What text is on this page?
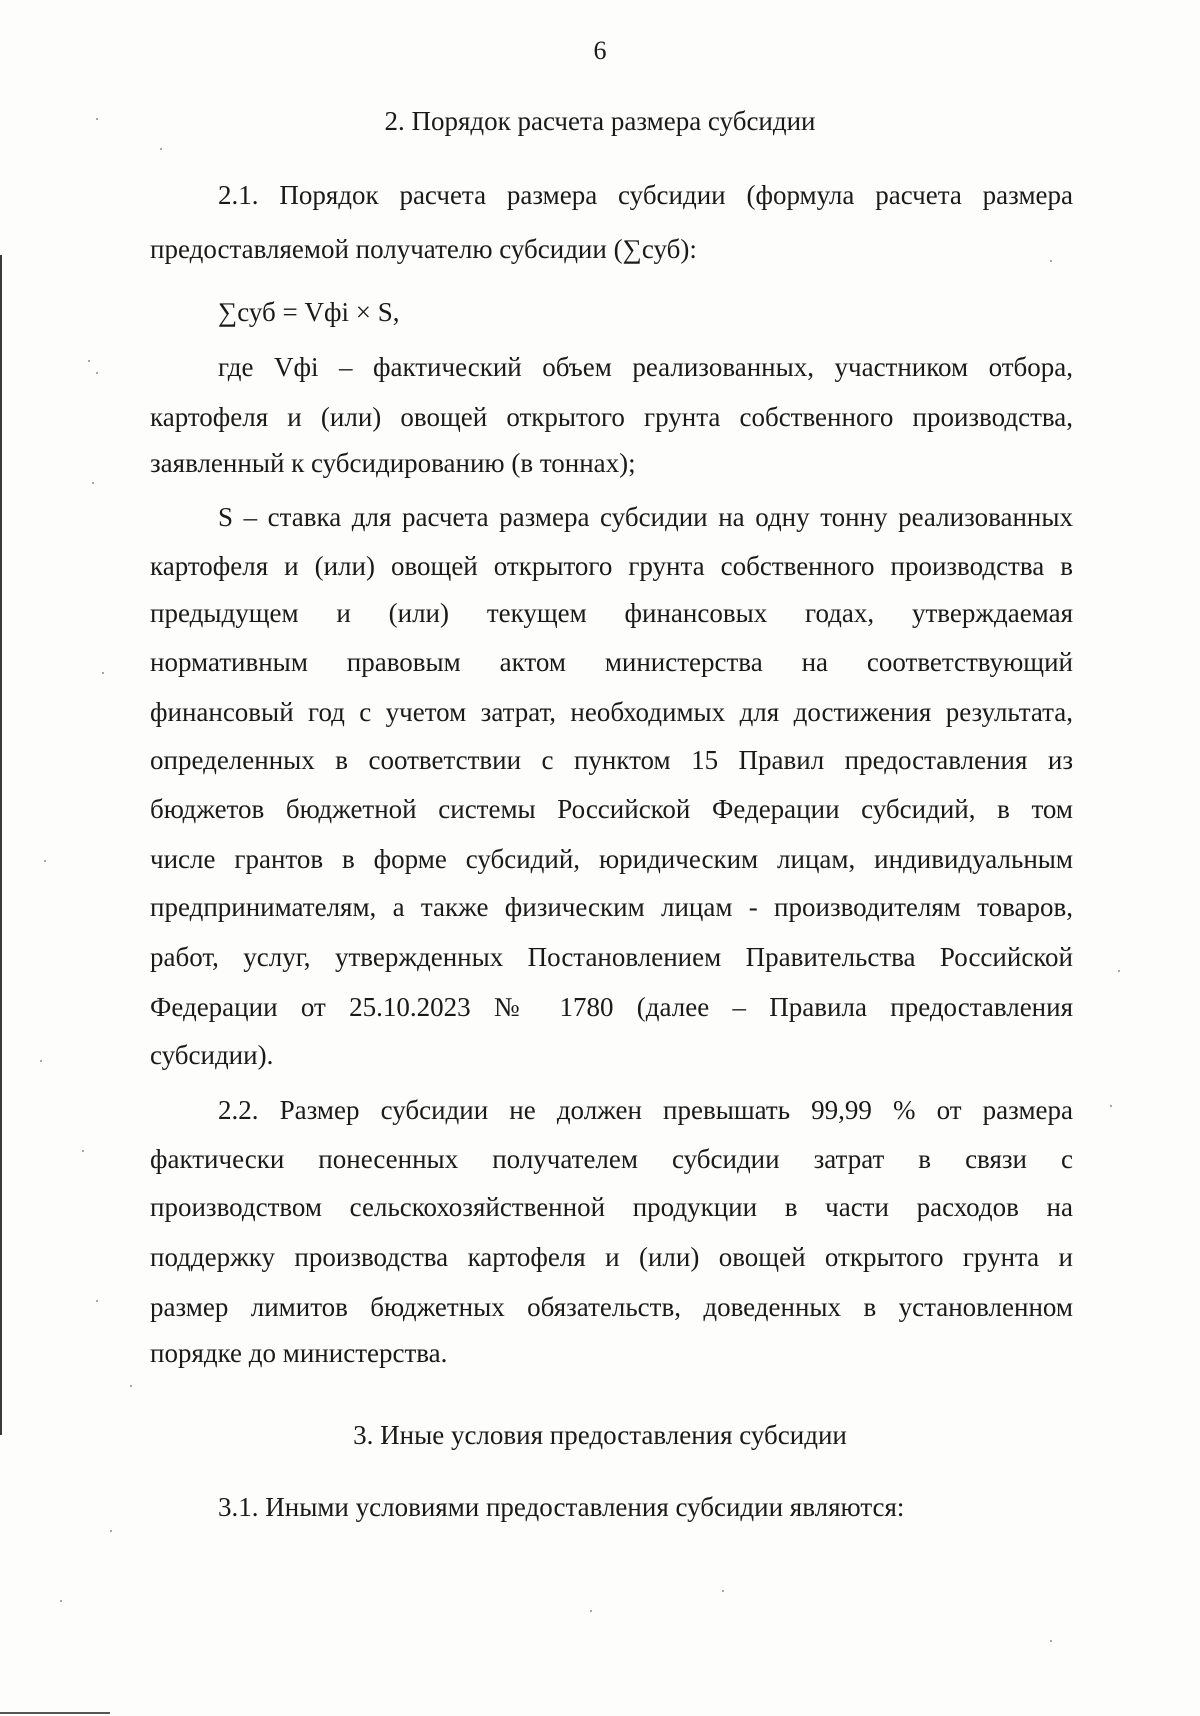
6
2. Порядок расчета размера субсидии
2.1. Порядок расчета размера субсидии (формула расчета размера
предоставляемой получателю субсидии (∑суб):
∑суб = Vфi × S,
где Vфi – фактический объем реализованных, участником отбора,
картофеля и (или) овощей открытого грунта собственного производства,
заявленный к субсидированию (в тоннах);
S – ставка для расчета размера субсидии на одну тонну реализованных
картофеля и (или) овощей открытого грунта собственного производства в
предыдущем и (или) текущем финансовых годах, утверждаемая
нормативным правовым актом министерства на соответствующий
финансовый год с учетом затрат, необходимых для достижения результата,
определенных в соответствии с пунктом 15 Правил предоставления из
бюджетов бюджетной системы Российской Федерации субсидий, в том
числе грантов в форме субсидий, юридическим лицам, индивидуальным
предпринимателям, а также физическим лицам - производителям товаров,
работ, услуг, утвержденных Постановлением Правительства Российской
Федерации от 25.10.2023 № 1780 (далее – Правила предоставления
субсидии).
2.2. Размер субсидии не должен превышать 99,99 % от размера
фактически понесенных получателем субсидии затрат в связи с
производством сельскохозяйственной продукции в части расходов на
поддержку производства картофеля и (или) овощей открытого грунта и
размер лимитов бюджетных обязательств, доведенных в установленном
порядке до министерства.
3. Иные условия предоставления субсидии
3.1. Иными условиями предоставления субсидии являются:
